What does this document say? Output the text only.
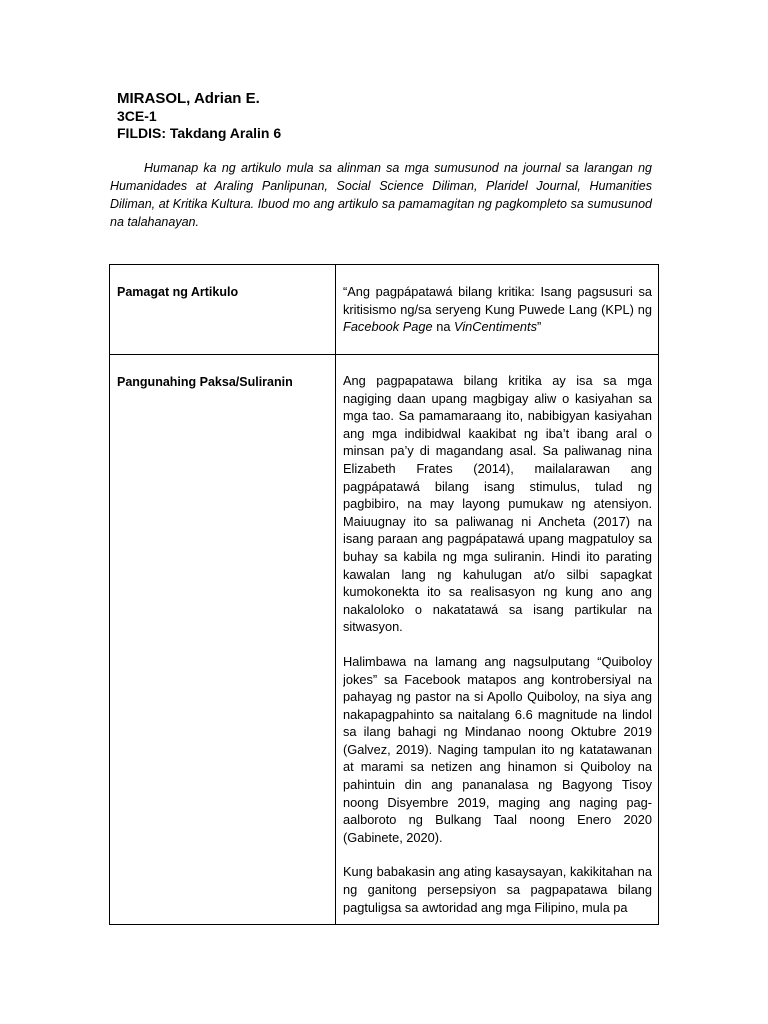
MIRASOL, Adrian E.
3CE-1
FILDIS: Takdang Aralin 6
Humanap ka ng artikulo mula sa alinman sa mga sumusunod na journal sa larangan ng Humanidades at Araling Panlipunan, Social Science Diliman, Plaridel Journal, Humanities Diliman, at Kritika Kultura. Ibuod mo ang artikulo sa pamamagitan ng pagkompleto sa sumusunod na talahanayan.
Pamagat ng Artikulo	“Ang pagpápatawá bilang kritika: Isang pagsusuri sa kritisismo ng/sa seryeng Kung Puwede Lang (KPL) ng Facebook Page na VinCentiments”
Pangunahing Paksa/Suliranin	Ang pagpapatawa bilang kritika ay isa sa mga nagiging daan upang magbigay aliw o kasiyahan sa mga tao. Sa pamamaraang ito, nabibigyan kasiyahan ang mga indibidwal kaakibat ng iba’t ibang aral o minsan pa’y di magandang asal. Sa paliwanag nina Elizabeth Frates (2014), mailalarawan ang pagpápatawá bilang isang stimulus, tulad ng pagbibiro, na may layong pumukaw ng atensiyon. Maiuugnay ito sa paliwanag ni Ancheta (2017) na isang paraan ang pagpápatawá upang magpatuloy sa buhay sa kabila ng mga suliranin. Hindi ito parating kawalan lang ng kahulugan at/o silbi sapagkat kumokonekta ito sa realisasyon ng kung ano ang nakaloloko o nakatatawá sa isang partikular na sitwasyon.

Halimbawa na lamang ang nagsulputang “Quiboloy jokes” sa Facebook matapos ang kontrobersiyal na pahayag ng pastor na si Apollo Quiboloy, na siya ang nakapagpahinto sa naitalang 6.6 magnitude na lindol sa ilang bahagi ng Mindanao noong Oktubre 2019 (Galvez, 2019). Naging tampulan ito ng katatawanan at marami sa netizen ang hinamon si Quiboloy na pahintuin din ang pananalasa ng Bagyong Tisoy noong Disyembre 2019, maging ang naging pag-aalboroto ng Bulkang Taal noong Enero 2020 (Gabinete, 2020).

Kung babakasin ang ating kasaysayan, kakikitahan na ng ganitong persepsiyon sa pagpapatawa bilang pagtuligsa sa awtoridad ang mga Filipino, mula pa
